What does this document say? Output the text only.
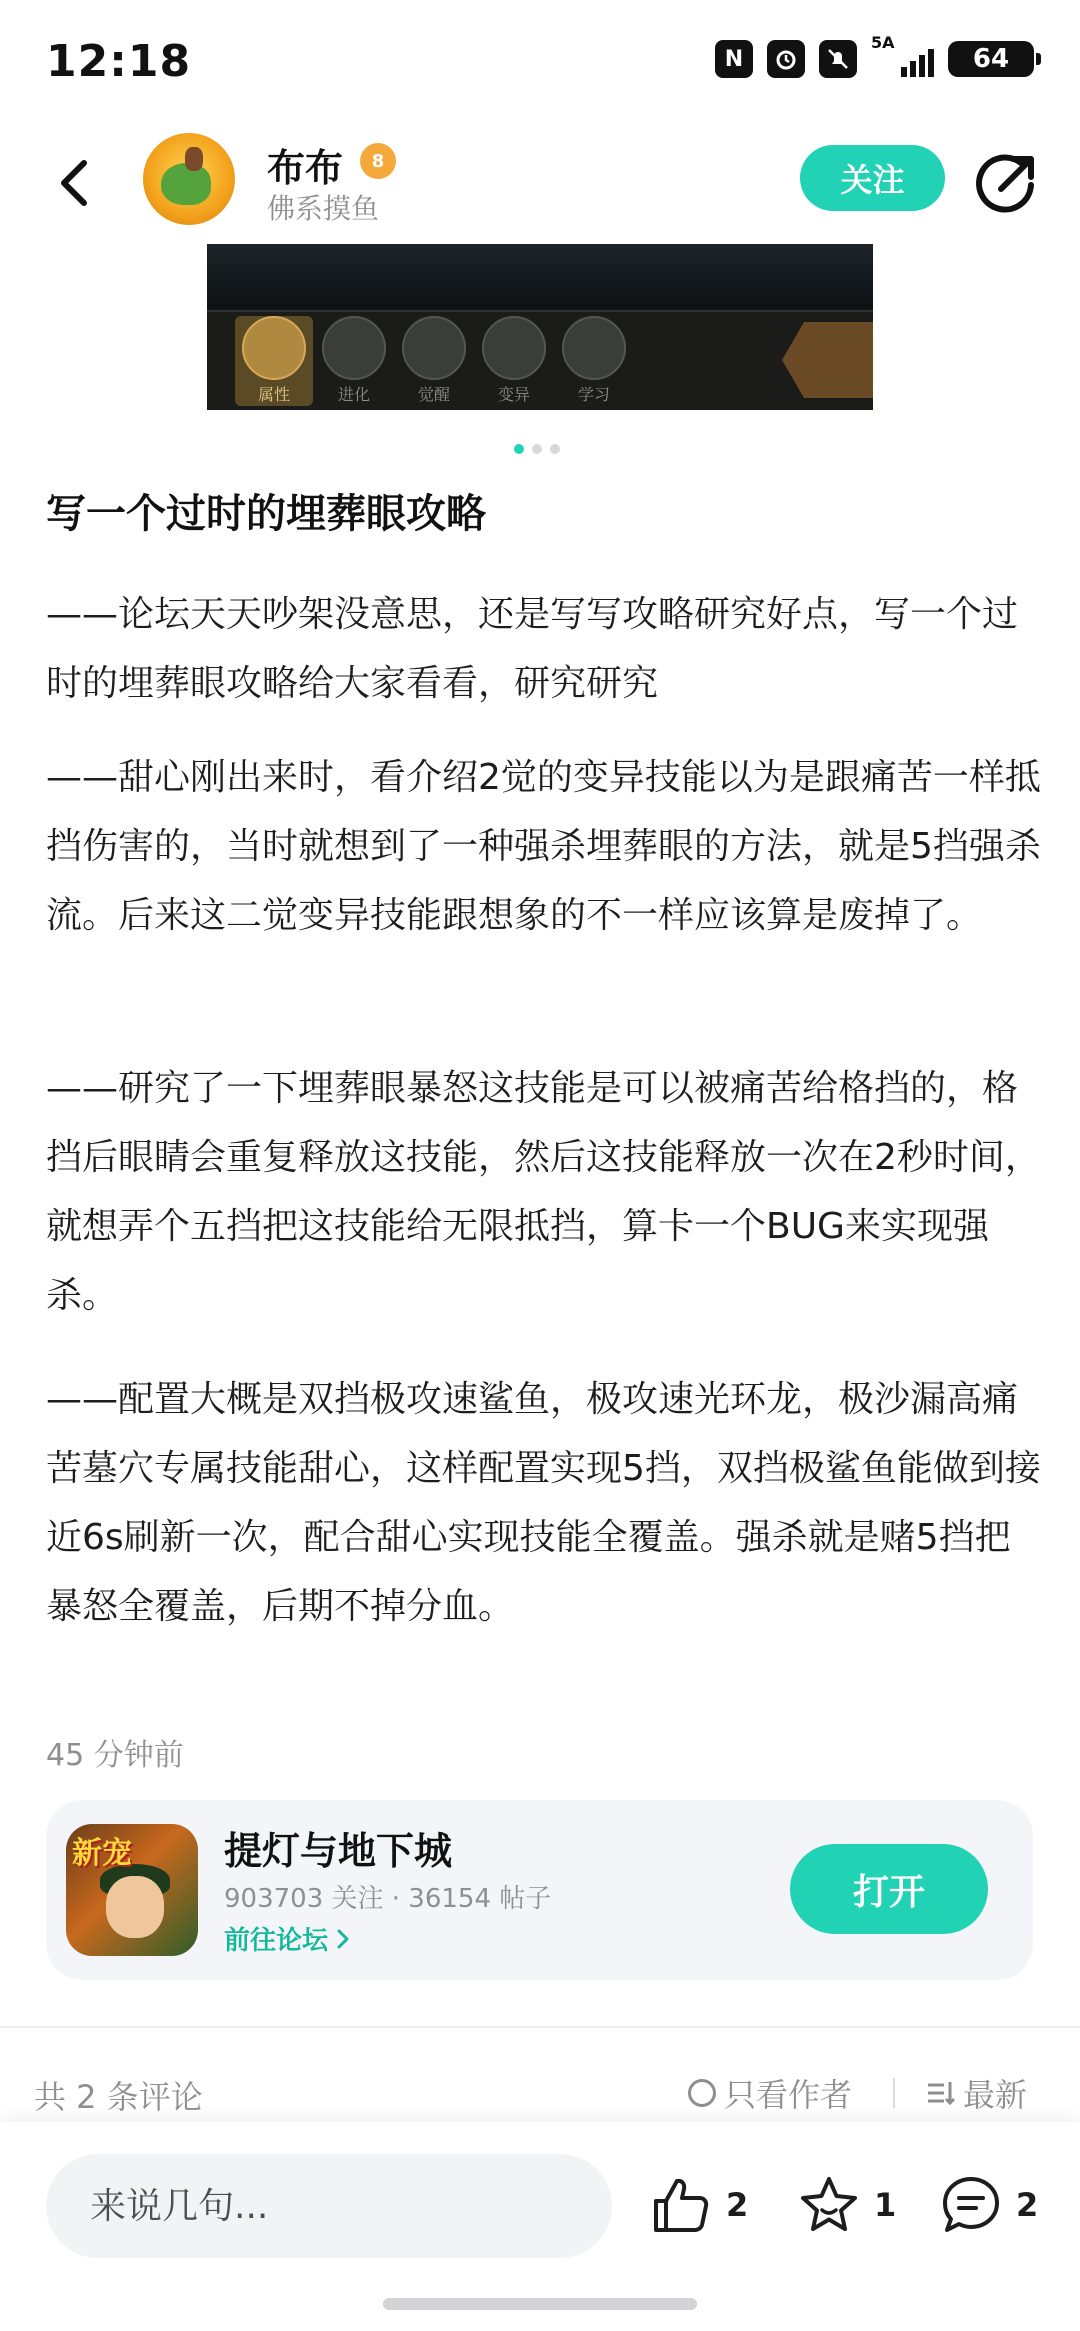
12:18	N
5A
64
布布 8
佛系摸鱼
关注
属性	进化	觉醒	变异	学习
写一个过时的埋葬眼攻略

——论坛天天吵架没意思，还是写写攻略研究好点，写一个过时的埋葬眼攻略给大家看看，研究研究

——甜心刚出来时，看介绍2觉的变异技能以为是跟痛苦一样抵挡伤害的，当时就想到了一种强杀埋葬眼的方法，就是5挡强杀流。后来这二觉变异技能跟想象的不一样应该算是废掉了。

——研究了一下埋葬眼暴怒这技能是可以被痛苦给格挡的，格挡后眼睛会重复释放这技能，然后这技能释放一次在2秒时间，就想弄个五挡把这技能给无限抵挡，算卡一个BUG来实现强杀。

——配置大概是双挡极攻速鲨鱼，极攻速光环龙，极沙漏高痛苦墓穴专属技能甜心，这样配置实现5挡，双挡极鲨鱼能做到接近6s刷新一次，配合甜心实现技能全覆盖。强杀就是赌5挡把暴怒全覆盖，后期不掉分血。

45 分钟前
新宠 提灯与地下城
903703 关注 · 36154 帖子
前往论坛
打开
共 2 条评论	只看作者	最新
来说几句...
2	1	2
